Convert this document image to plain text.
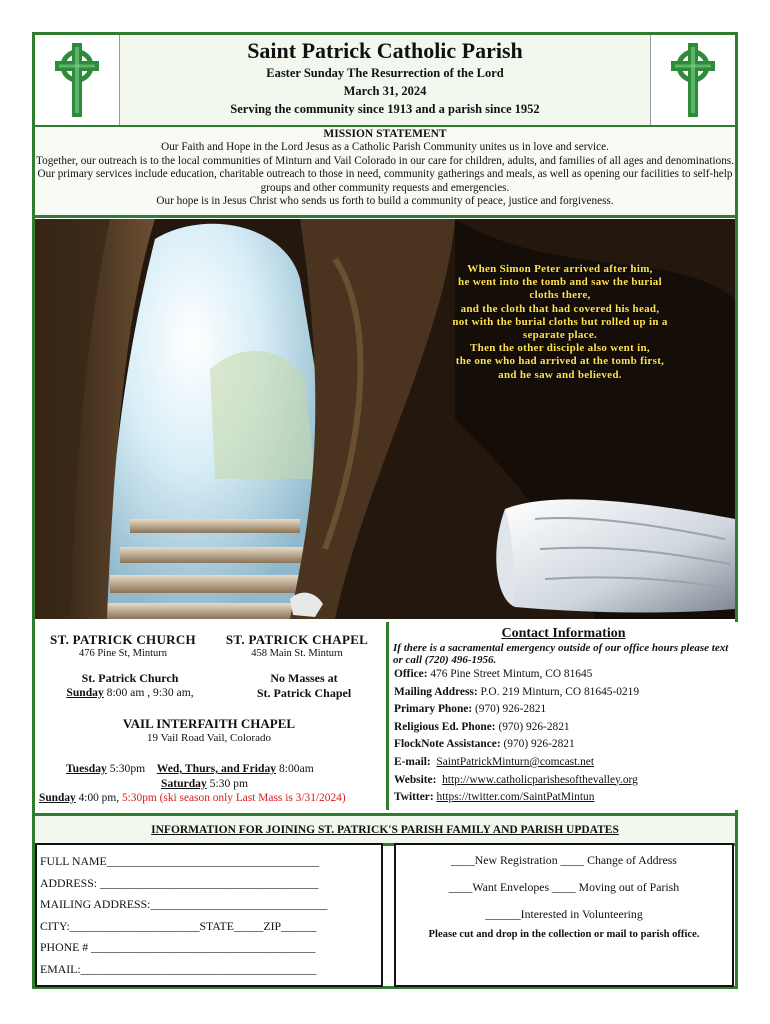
Saint Patrick Catholic Parish
Easter Sunday The Resurrection of the Lord
March 31, 2024
Serving the community since 1913 and a parish since 1952
MISSION STATEMENT

Our Faith and Hope in the Lord Jesus as a Catholic Parish Community unites us in love and service.

Together, our outreach is to the local communities of Minturn and Vail Colorado in our care for children, adults, and families of all ages and denominations. Our primary services include education, charitable outreach to those in need, community gatherings and meals, as well as opening our facilities to self-help groups and other community requests and emergencies.

Our hope is in Jesus Christ who sends us forth to build a community of peace, justice and forgiveness.

When Simon Peter arrived after him,
he went into the tomb and saw the burial
cloths there,
and the cloth that had covered his head,
not with the burial cloths but rolled up in a
separate place.
Then the other disciple also went in,
the one who had arrived at the tomb first,
and he saw and believed.
ST. PATRICK CHURCH
476 Pine St, Minturn
ST. PATRICK CHAPEL
458 Main St. Minturn
St. Patrick Church
Sunday 8:00 am , 9:30 am,
No Masses at
St. Patrick Chapel
VAIL INTERFAITH CHAPEL
19 Vail Road Vail, Colorado
Tuesday 5:30pm Wed, Thurs, and Friday 8:00am
Saturday 5:30 pm
Sunday 4:00 pm, 5:30pm (ski season only Last Mass is 3/31/2024)
Contact Information
If there is a sacramental emergency outside of our office hours please text or call (720) 496-1956.
Office: 476 Pine Street Mintum, CO 81645
Mailing Address: P.O. 219 Minturn, CO 81645-0219
Primary Phone: (970) 926-2821
Religious Ed. Phone: (970) 926-2821
FlockNote Assistance: (970) 926-2821
E-mail: SaintPatrickMinturn@comcast.net
Website: http://www.catholicparishesofthevalley.org
Twitter: https://twitter.com/SaintPatMintun
INFORMATION FOR JOINING ST. PATRICK'S PARISH FAMILY AND PARISH UPDATES
FULL NAME____________________________________
ADDRESS: _____________________________________
MAILING ADDRESS:______________________________
CITY:______________________STATE_____ZIP______
PHONE # ______________________________________
EMAIL:________________________________________
____New Registration ____ Change of Address
____Want Envelopes ____ Moving out of Parish
______Interested in Volunteering
Please cut and drop in the collection or mail to parish office.
